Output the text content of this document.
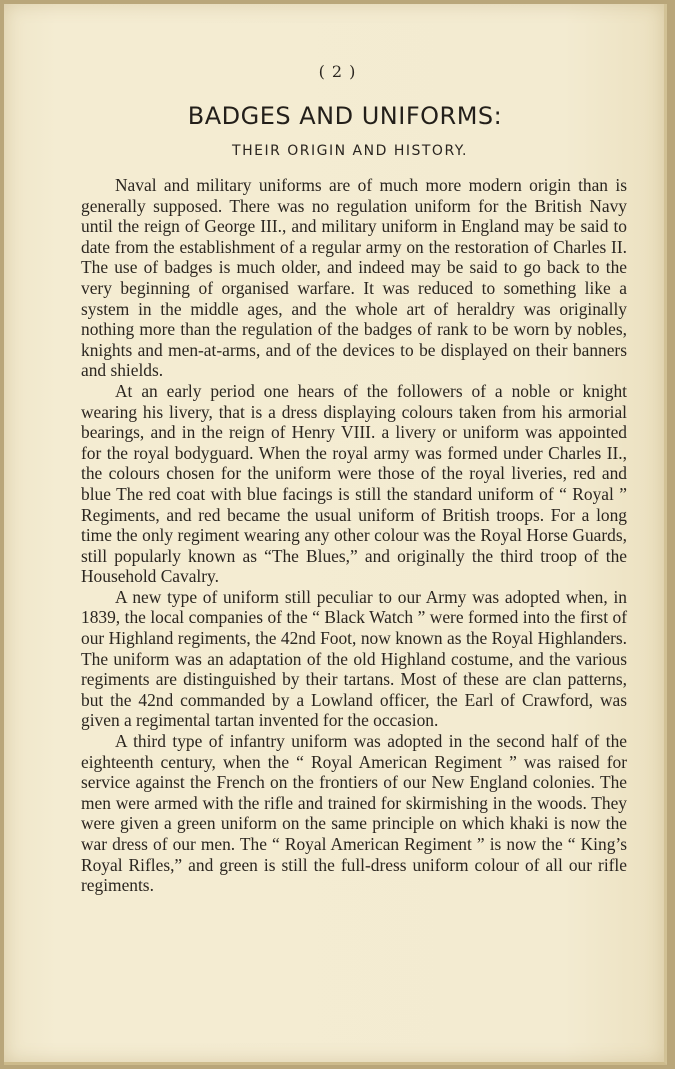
( 2 )
BADGES AND UNIFORMS:
THEIR ORIGIN AND HISTORY.

Naval and military uniforms are of much more modern origin than is generally supposed. There was no regulation uniform for the British Navy until the reign of George III., and military uniform in England may be said to date from the establishment of a regular army on the restoration of Charles II. The use of badges is much older, and indeed may be said to go back to the very beginning of organised warfare. It was reduced to something like a system in the middle ages, and the whole art of heraldry was originally nothing more than the regulation of the badges of rank to be worn by nobles, knights and men-at-arms, and of the devices to be displayed on their banners and shields.

At an early period one hears of the followers of a noble or knight wearing his livery, that is a dress displaying colours taken from his armorial bearings, and in the reign of Henry VIII. a livery or uniform was appointed for the royal bodyguard. When the royal army was formed under Charles II., the colours chosen for the uniform were those of the royal liveries, red and blue The red coat with blue facings is still the standard uniform of “ Royal ” Regiments, and red became the usual uniform of British troops. For a long time the only regiment wearing any other colour was the Royal Horse Guards, still popularly known as “The Blues,” and originally the third troop of the Household Cavalry.

A new type of uniform still peculiar to our Army was adopted when, in 1839, the local companies of the “ Black Watch ” were formed into the first of our Highland regiments, the 42nd Foot, now known as the Royal Highlanders. The uniform was an adaptation of the old Highland costume, and the various regiments are distinguished by their tartans. Most of these are clan patterns, but the 42nd commanded by a Lowland officer, the Earl of Crawford, was given a regimental tartan invented for the occasion.

A third type of infantry uniform was adopted in the second half of the eighteenth century, when the “ Royal American Regiment ” was raised for service against the French on the frontiers of our New England colonies. The men were armed with the rifle and trained for skirmishing in the woods. They were given a green uniform on the same principle on which khaki is now the war dress of our men. The “ Royal American Regiment ” is now the “ King’s Royal Rifles,” and green is still the full-dress uniform colour of all our rifle regiments.
